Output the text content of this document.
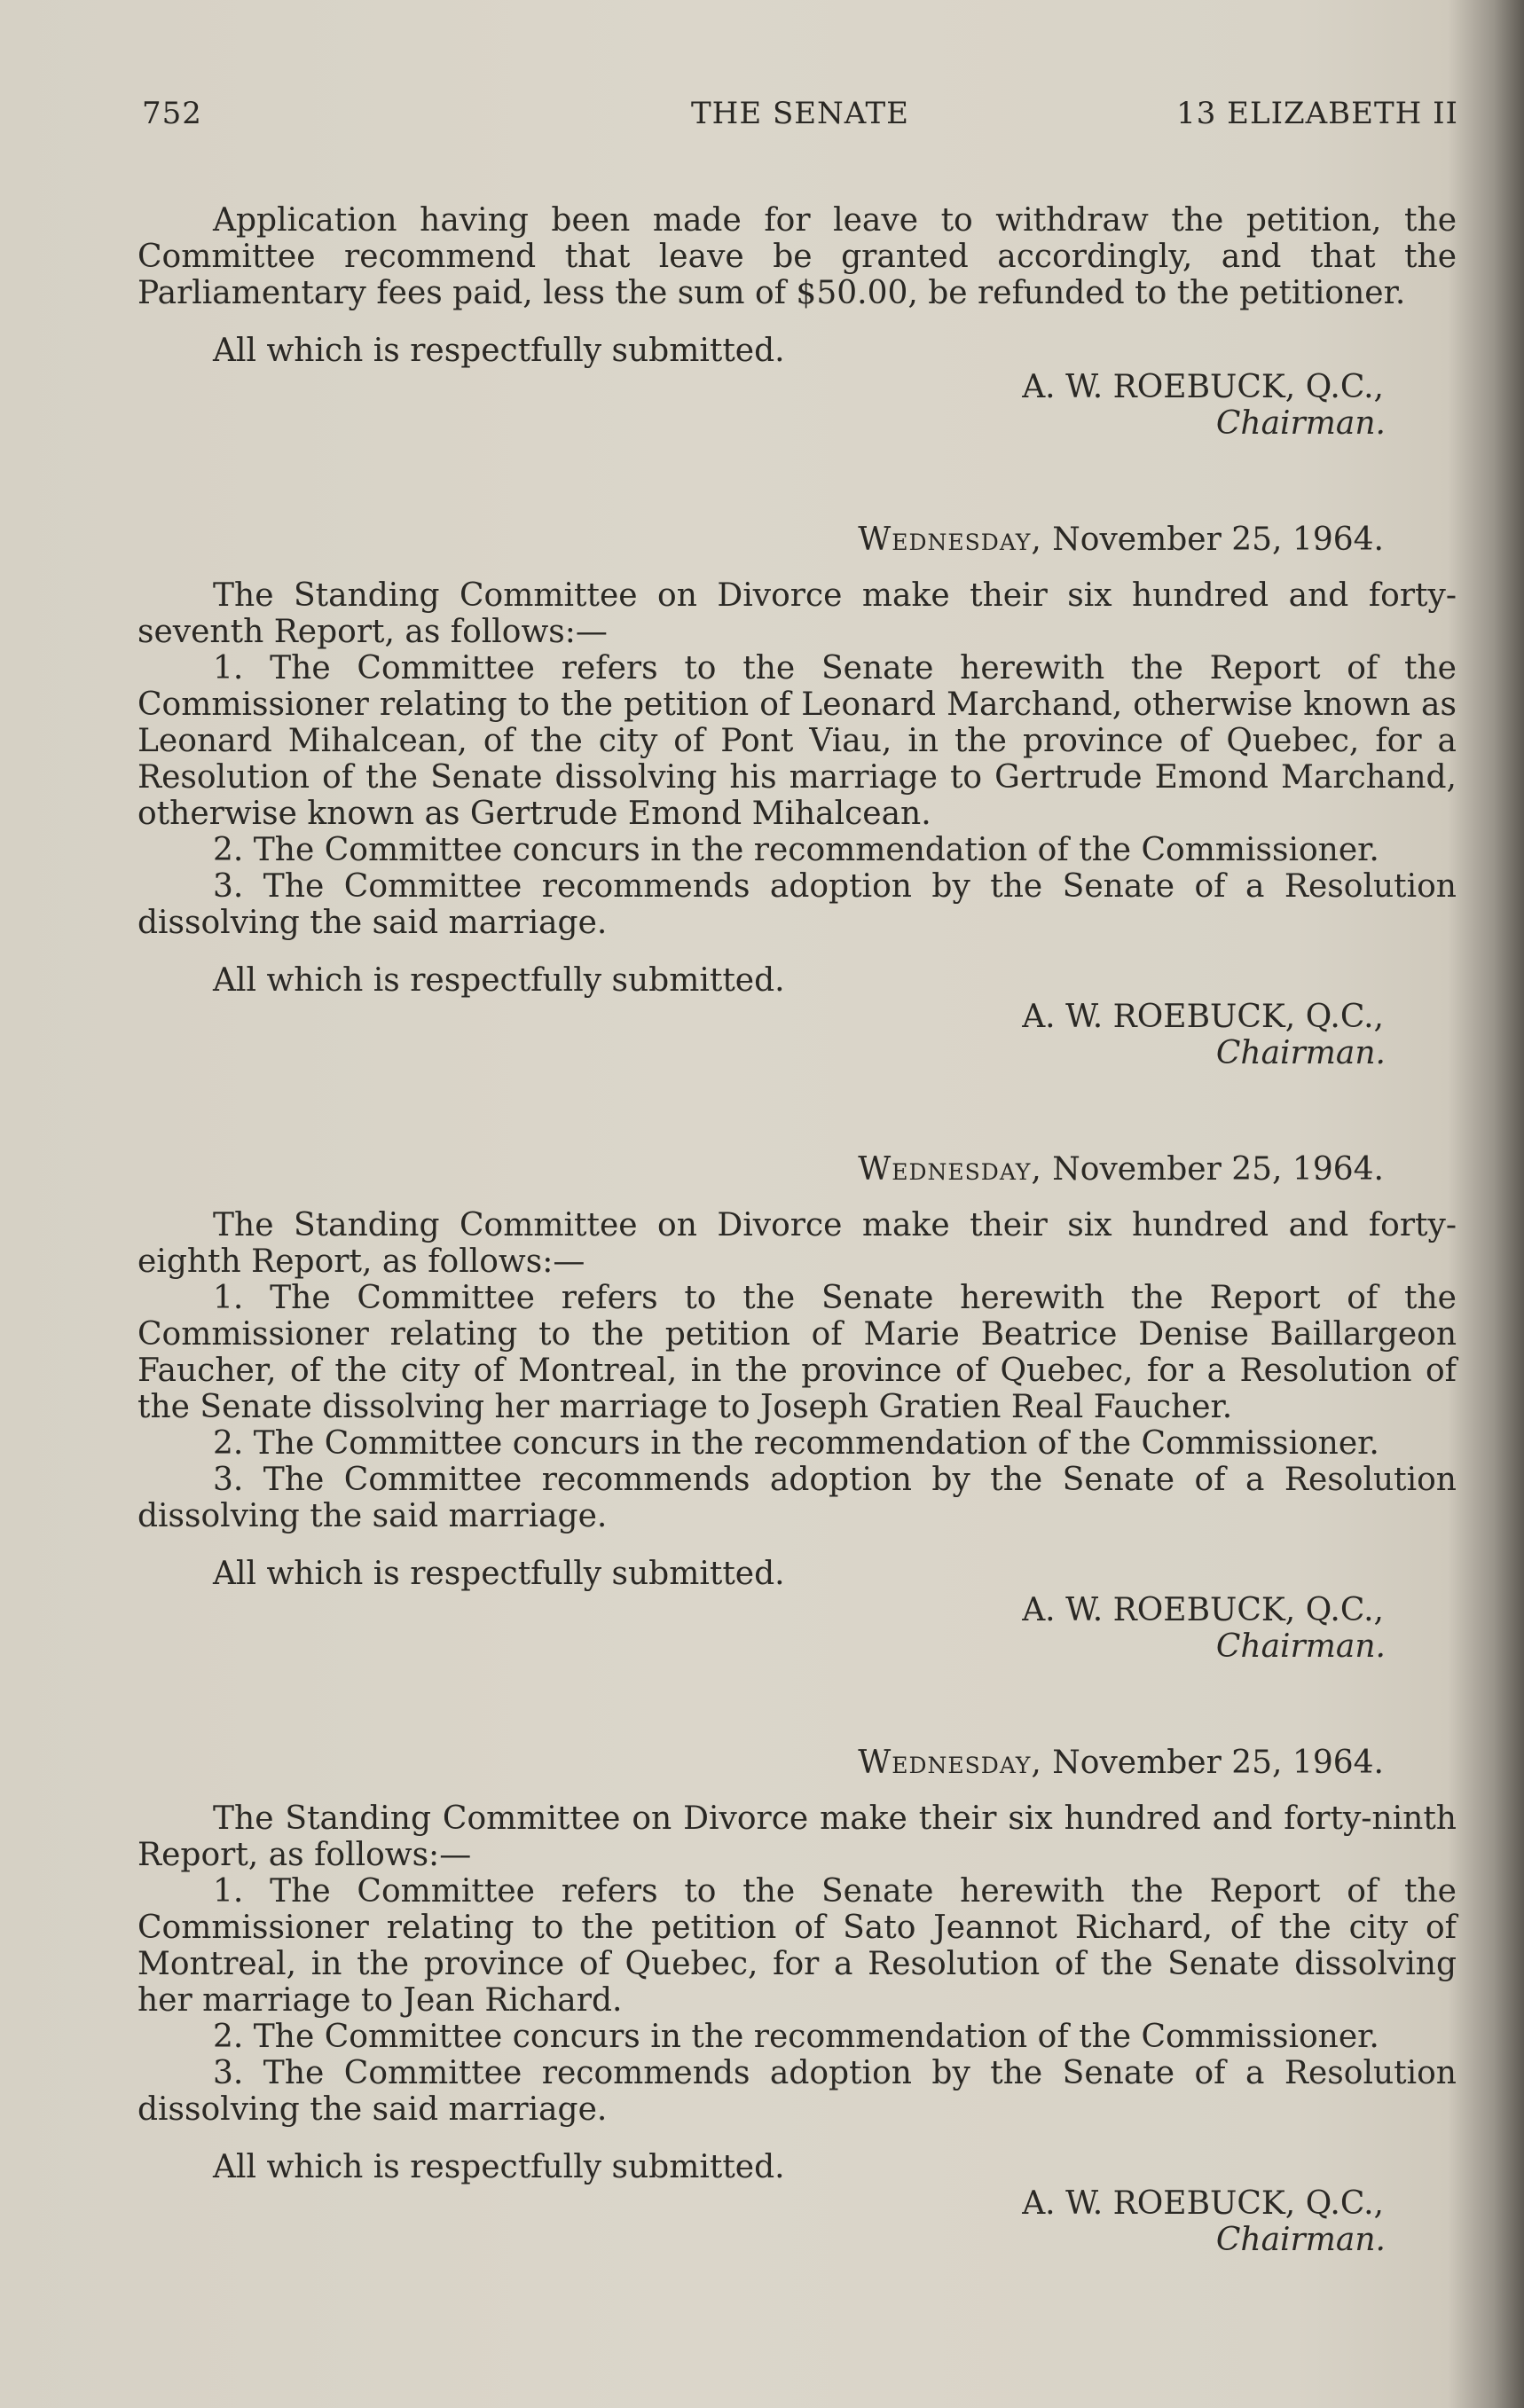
752	THE SENATE	13 ELIZABETH II

Application having been made for leave to withdraw the petition, the Committee recommend that leave be granted accordingly, and that the Parliamentary fees paid, less the sum of $50.00, be refunded to the petitioner.

All which is respectfully submitted.

A. W. ROEBUCK, Q.C.,
Chairman.
Wednesday, November 25, 1964.

The Standing Committee on Divorce make their six hundred and forty-seventh Report, as follows:—

1. The Committee refers to the Senate herewith the Report of the Commissioner relating to the petition of Leonard Marchand, otherwise known as Leonard Mihalcean, of the city of Pont Viau, in the province of Quebec, for a Resolution of the Senate dissolving his marriage to Gertrude Emond Marchand, otherwise known as Gertrude Emond Mihalcean.

2. The Committee concurs in the recommendation of the Commissioner.

3. The Committee recommends adoption by the Senate of a Resolution dissolving the said marriage.

All which is respectfully submitted.

A. W. ROEBUCK, Q.C.,
Chairman.
Wednesday, November 25, 1964.

The Standing Committee on Divorce make their six hundred and forty-eighth Report, as follows:—

1. The Committee refers to the Senate herewith the Report of the Commissioner relating to the petition of Marie Beatrice Denise Baillargeon Faucher, of the city of Montreal, in the province of Quebec, for a Resolution of the Senate dissolving her marriage to Joseph Gratien Real Faucher.

2. The Committee concurs in the recommendation of the Commissioner.

3. The Committee recommends adoption by the Senate of a Resolution dissolving the said marriage.

All which is respectfully submitted.

A. W. ROEBUCK, Q.C.,
Chairman.
Wednesday, November 25, 1964.

The Standing Committee on Divorce make their six hundred and forty-ninth Report, as follows:—

1. The Committee refers to the Senate herewith the Report of the Commissioner relating to the petition of Sato Jeannot Richard, of the city of Montreal, in the province of Quebec, for a Resolution of the Senate dissolving her marriage to Jean Richard.

2. The Committee concurs in the recommendation of the Commissioner.

3. The Committee recommends adoption by the Senate of a Resolution dissolving the said marriage.

All which is respectfully submitted.

A. W. ROEBUCK, Q.C.,
Chairman.
